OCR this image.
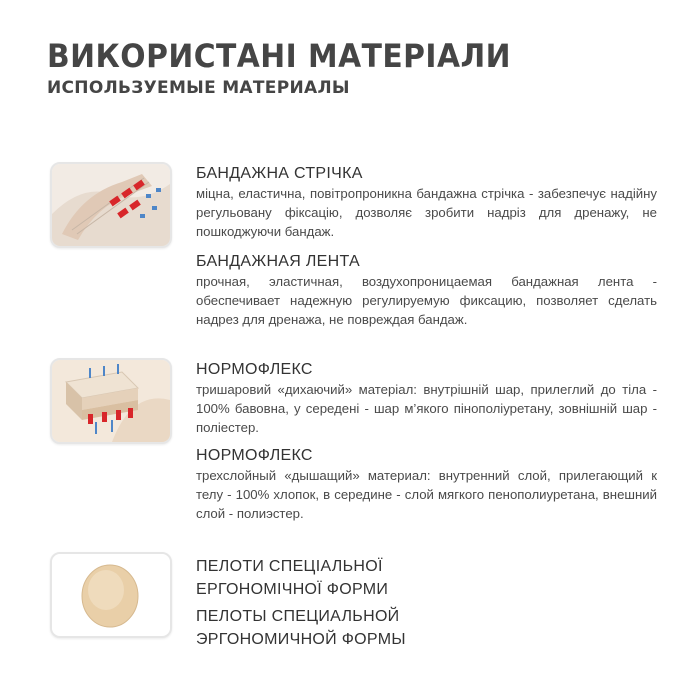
ВИКОРИСТАНІ МАТЕРІАЛИ
ИСПОЛЬЗУЕМЫЕ МАТЕРИАЛЫ

БАНДАЖНА СТРІЧКА

міцна, еластична, повітропроникна бандажна стрічка - забезпечує надійну регульовану фіксацію, дозволяє зробити надріз для дренажу, не пошкоджуючи бандаж.

БАНДАЖНАЯ ЛЕНТА

прочная, эластичная, воздухопроницаемая бандажная лента - обеспечивает надежную регулируемую фиксацию, позволяет сделать надрез для дренажа, не повреждая бандаж.

НОРМОФЛЕКС

тришаровий «дихаючий» матеріал: внутрішній шар, прилеглий до тіла - 100% бавовна, у середені - шар м’якого пінополіуретану, зовнішній шар - поліестер.

НОРМОФЛЕКС

трехслойный «дышащий» материал: внутренний слой, прилегающий к телу - 100% хлопок, в середине - слой мягкого пенополиуретана, внешний слой - полиэстер.

ПЕЛОТИ СПЕЦІАЛЬНОЇ

ЕРГОНОМІЧНОЇ ФОРМИ

ПЕЛОТЫ СПЕЦИАЛЬНОЙ

ЭРГОНОМИЧНОЙ ФОРМЫ
